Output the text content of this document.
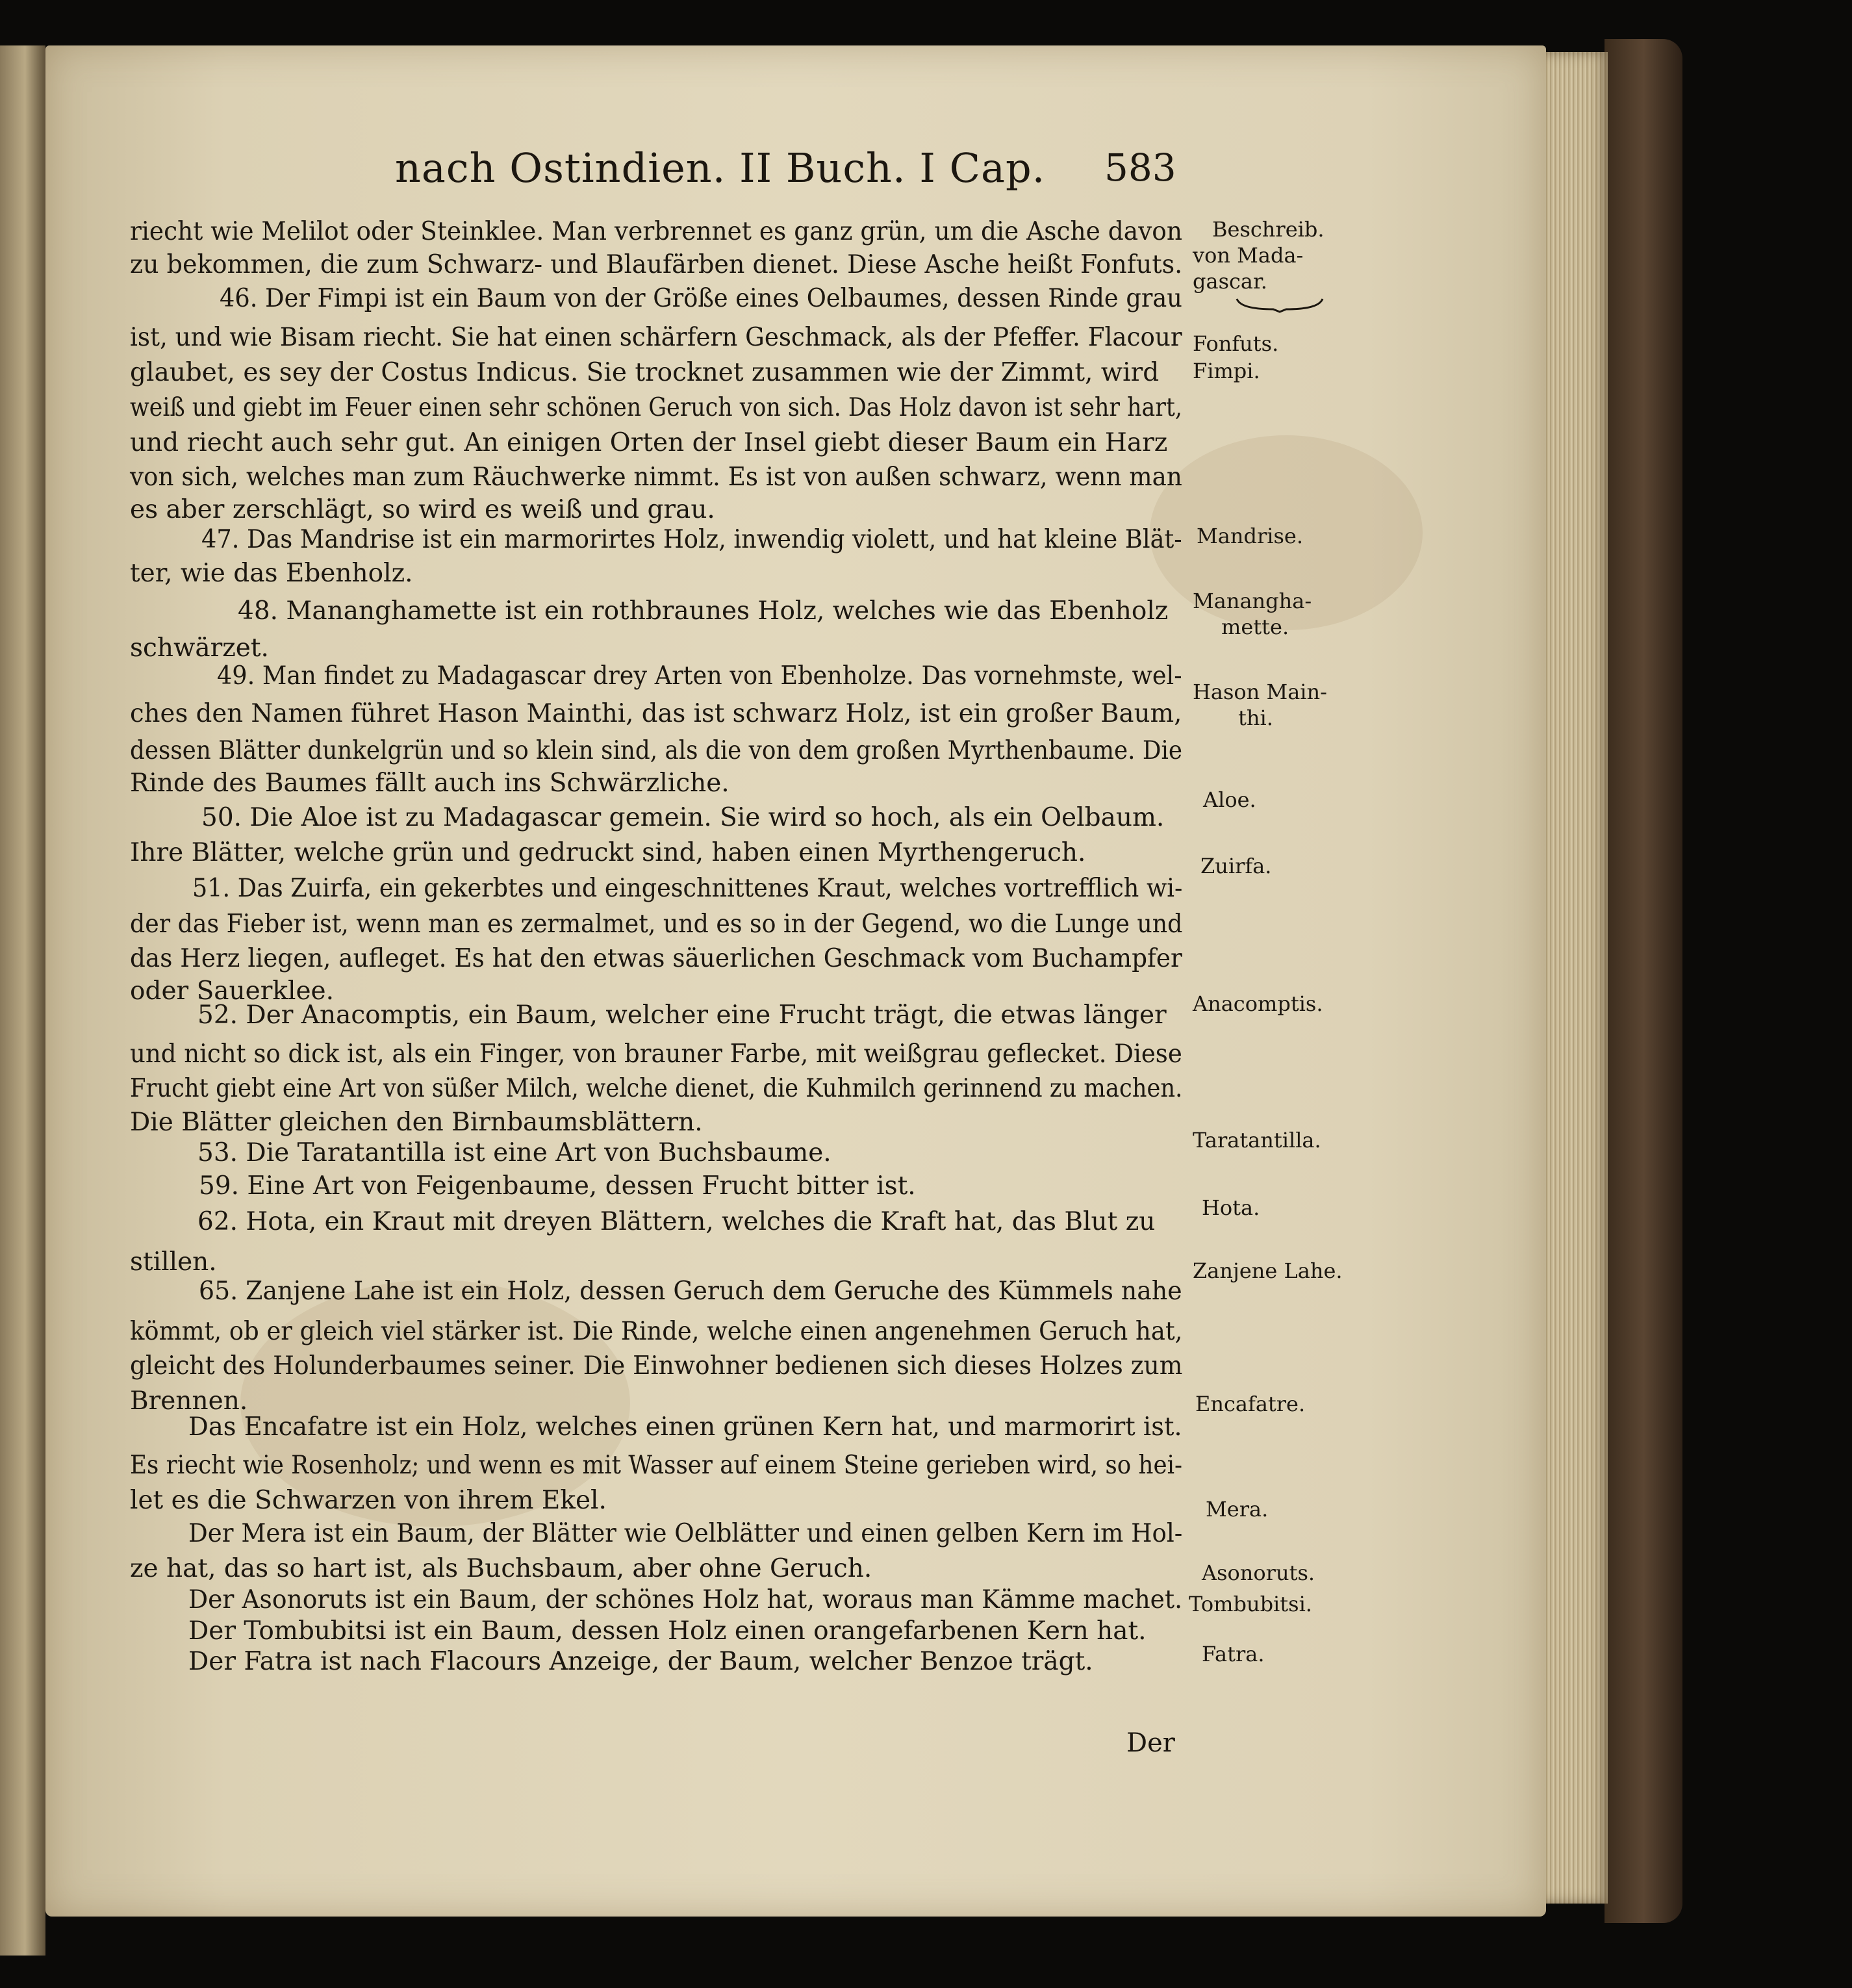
nach Ostindien. II Buch. I Cap. 583
riecht wie Melilot oder Steinklee. Man verbrennet es ganz grün, um die Asche davon
zu bekommen, die zum Schwarz- und Blaufärben dienet. Diese Asche heißt Fonfuts.
46. Der Fimpi ist ein Baum von der Größe eines Oelbaumes, dessen Rinde grau
ist, und wie Bisam riecht. Sie hat einen schärfern Geschmack, als der Pfeffer. Flacour
glaubet, es sey der Costus Indicus. Sie trocknet zusammen wie der Zimmt, wird
weiß und giebt im Feuer einen sehr schönen Geruch von sich. Das Holz davon ist sehr hart,
und riecht auch sehr gut. An einigen Orten der Insel giebt dieser Baum ein Harz
von sich, welches man zum Räuchwerke nimmt. Es ist von außen schwarz, wenn man
es aber zerschlägt, so wird es weiß und grau.
47. Das Mandrise ist ein marmorirtes Holz, inwendig violett, und hat kleine Blät-
ter, wie das Ebenholz.
48. Mananghamette ist ein rothbraunes Holz, welches wie das Ebenholz
schwärzet.
49. Man findet zu Madagascar drey Arten von Ebenholze. Das vornehmste, wel-
ches den Namen führet Hason Mainthi, das ist schwarz Holz, ist ein großer Baum,
dessen Blätter dunkelgrün und so klein sind, als die von dem großen Myrthenbaume. Die
Rinde des Baumes fällt auch ins Schwärzliche.
50. Die Aloe ist zu Madagascar gemein. Sie wird so hoch, als ein Oelbaum.
Ihre Blätter, welche grün und gedruckt sind, haben einen Myrthengeruch.
51. Das Zuirfa, ein gekerbtes und eingeschnittenes Kraut, welches vortrefflich wi-
der das Fieber ist, wenn man es zermalmet, und es so in der Gegend, wo die Lunge und
das Herz liegen, aufleget. Es hat den etwas säuerlichen Geschmack vom Buchampfer
oder Sauerklee.
52. Der Anacomptis, ein Baum, welcher eine Frucht trägt, die etwas länger
und nicht so dick ist, als ein Finger, von brauner Farbe, mit weißgrau geflecket. Diese
Frucht giebt eine Art von süßer Milch, welche dienet, die Kuhmilch gerinnend zu machen.
Die Blätter gleichen den Birnbaumsblättern.
53. Die Taratantilla ist eine Art von Buchsbaume.
59. Eine Art von Feigenbaume, dessen Frucht bitter ist.
62. Hota, ein Kraut mit dreyen Blättern, welches die Kraft hat, das Blut zu
stillen.
65. Zanjene Lahe ist ein Holz, dessen Geruch dem Geruche des Kümmels nahe
kömmt, ob er gleich viel stärker ist. Die Rinde, welche einen angenehmen Geruch hat,
gleicht des Holunderbaumes seiner. Die Einwohner bedienen sich dieses Holzes zum
Brennen.
Das Encafatre ist ein Holz, welches einen grünen Kern hat, und marmorirt ist.
Es riecht wie Rosenholz; und wenn es mit Wasser auf einem Steine gerieben wird, so hei-
let es die Schwarzen von ihrem Ekel.
Der Mera ist ein Baum, der Blätter wie Oelblätter und einen gelben Kern im Hol-
ze hat, das so hart ist, als Buchsbaum, aber ohne Geruch.
Der Asonoruts ist ein Baum, der schönes Holz hat, woraus man Kämme machet.
Der Tombubitsi ist ein Baum, dessen Holz einen orangefarbenen Kern hat.
Der Fatra ist nach Flacours Anzeige, der Baum, welcher Benzoe trägt.
Der
Beschreib.
von Mada-
gascar.
Fonfuts.
Fimpi.
Mandrise.
Manangha-
mette.
Hason Main-
thi.
Aloe.
Zuirfa.
Anacomptis.
Taratantilla.
Hota.
Zanjene Lahe.
Encafatre.
Mera.
Asonoruts.
Tombubitsi.
Fatra.
